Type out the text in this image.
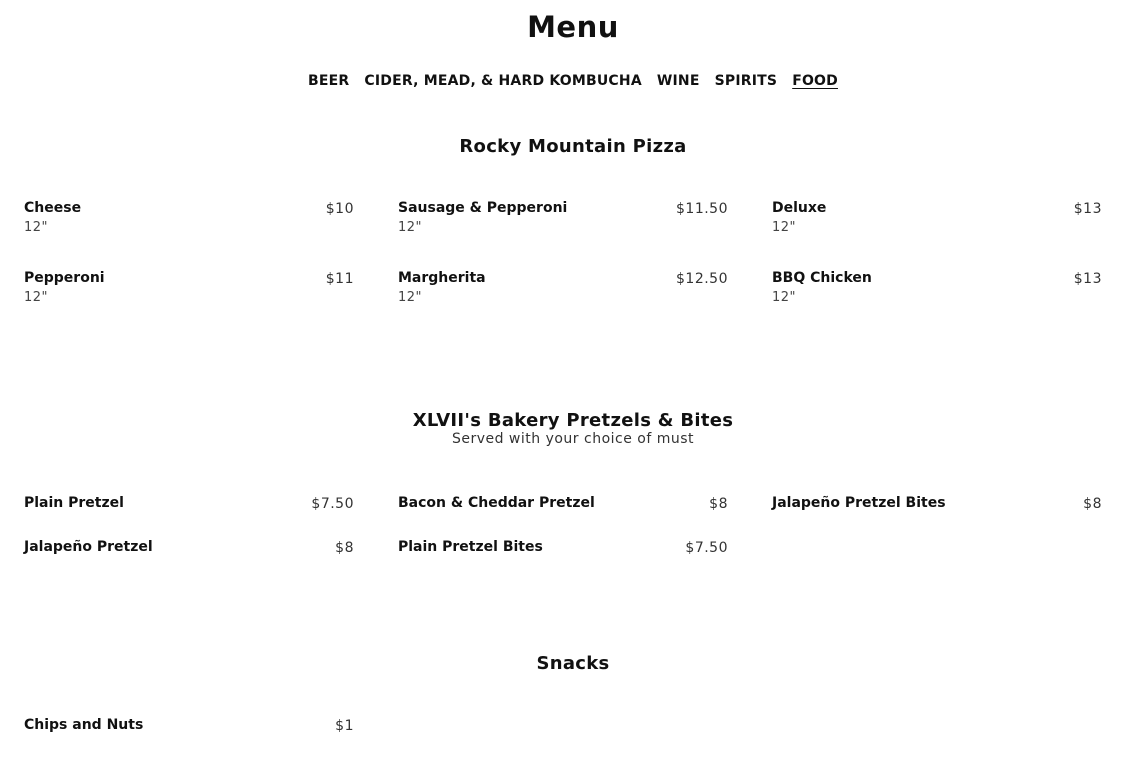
Menu
BEER CIDER, MEAD, & HARD KOMBUCHA WINE SPIRITS FOOD
Rocky Mountain Pizza
Cheese	$10
12"
Sausage & Pepperoni	$11.50
12"
Deluxe	$13
12"
Pepperoni	$11
12"
Margherita	$12.50
12"
BBQ Chicken	$13
12"
XLVII's Bakery Pretzels & Bites

Served with your choice of must

Plain Pretzel	$7.50	Bacon & Cheddar Pretzel	$8	Jalapeño Pretzel Bites	$8
Jalapeño Pretzel	$8	Plain Pretzel Bites	$7.50
Snacks
Chips and Nuts	$1
